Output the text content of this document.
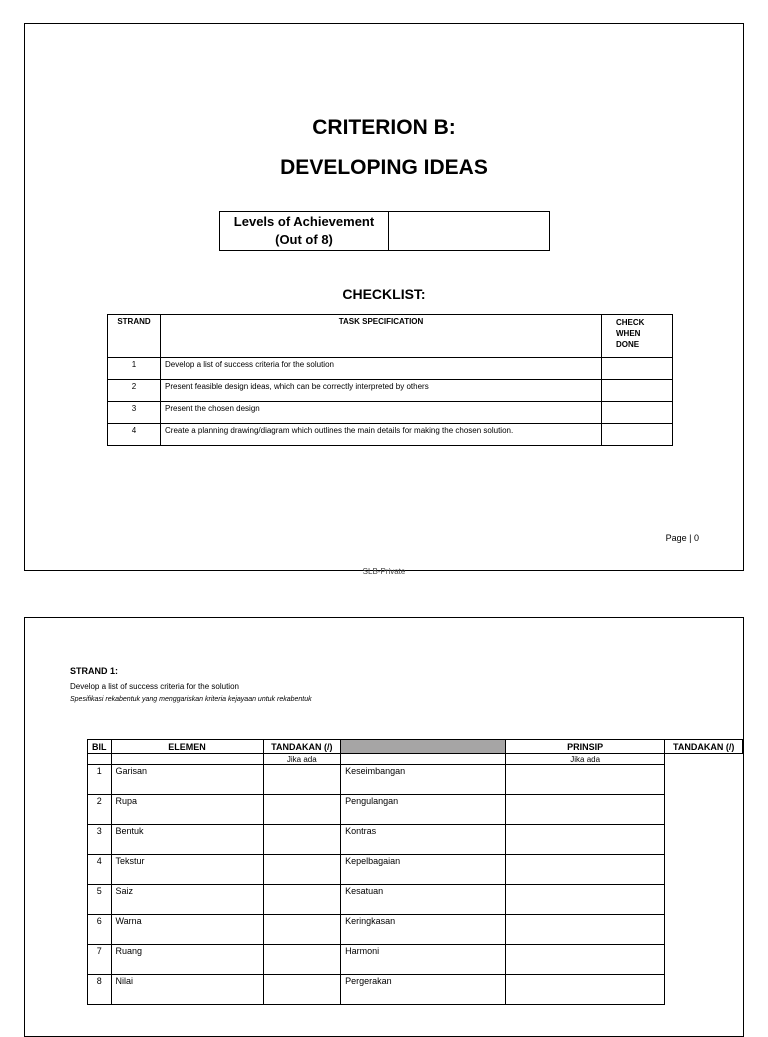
CRITERION B:
DEVELOPING IDEAS
Levels of Achievement
(Out of 8)

CHECKLIST:
STRAND	TASK SPECIFICATION	CHECK
WHEN
DONE

1	Develop a list of success criteria for the solution	
2	Present feasible design ideas, which can be correctly interpreted by others	
3	Present the chosen design	
4	Create a planning drawing/diagram which outlines the main details for making the chosen solution.	
Page | 0
SLB-Private
STRAND 1:
Develop a list of success criteria for the solution
Spesifikasi rekabentuk yang menggariskan kriteria kejayaan untuk rekabentuk
BIL	ELEMEN	TANDAKAN (/)		PRINSIP	TANDAKAN (/)
		Jika ada		Jika ada	
1	Garisan		Keseimbangan		
2	Rupa		Pengulangan		
3	Bentuk		Kontras		
4	Tekstur		Kepelbagaian		
5	Saiz		Kesatuan		
6	Warna		Keringkasan		
7	Ruang		Harmoni		
8	Nilai		Pergerakan		
